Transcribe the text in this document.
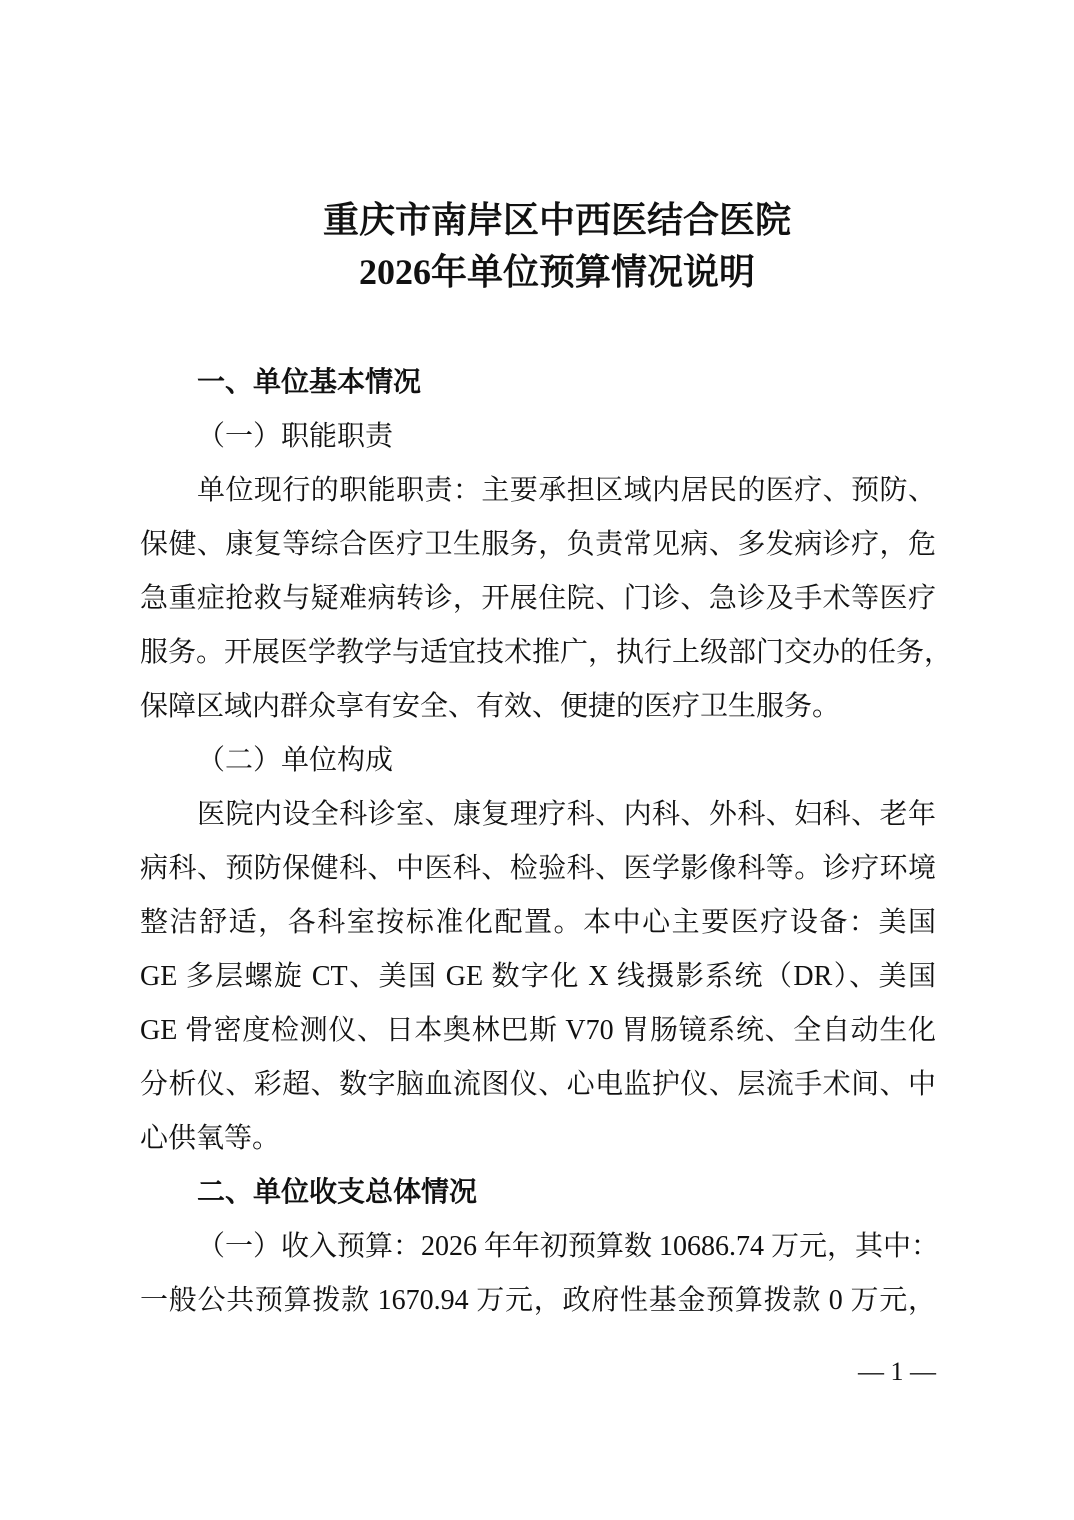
重庆市南岸区中西医结合医院
2026年单位预算情况说明
一、单位基本情况
（一）职能职责
单位现行的职能职责：主要承担区域内居民的医疗、预防、
保健、康复等综合医疗卫生服务，负责常见病、多发病诊疗，危
急重症抢救与疑难病转诊，开展住院、门诊、急诊及手术等医疗
服务。开展医学教学与适宜技术推广，执行上级部门交办的任务，
保障区域内群众享有安全、有效、便捷的医疗卫生服务。
（二）单位构成
医院内设全科诊室、康复理疗科、内科、外科、妇科、老年
病科、预防保健科、中医科、检验科、医学影像科等。诊疗环境
整洁舒适，各科室按标准化配置。本中心主要医疗设备：美国
GE 多层螺旋 CT、美国 GE 数字化 X 线摄影系统（DR）、美国
GE 骨密度检测仪、日本奥林巴斯 V70 胃肠镜系统、全自动生化
分析仪、彩超、数字脑血流图仪、心电监护仪、层流手术间、中
心供氧等。
二、单位收支总体情况
（一）收入预算：2026 年年初预算数 10686.74 万元，其中：
一般公共预算拨款 1670.94 万元，政府性基金预算拨款 0 万元，
— 1 —
